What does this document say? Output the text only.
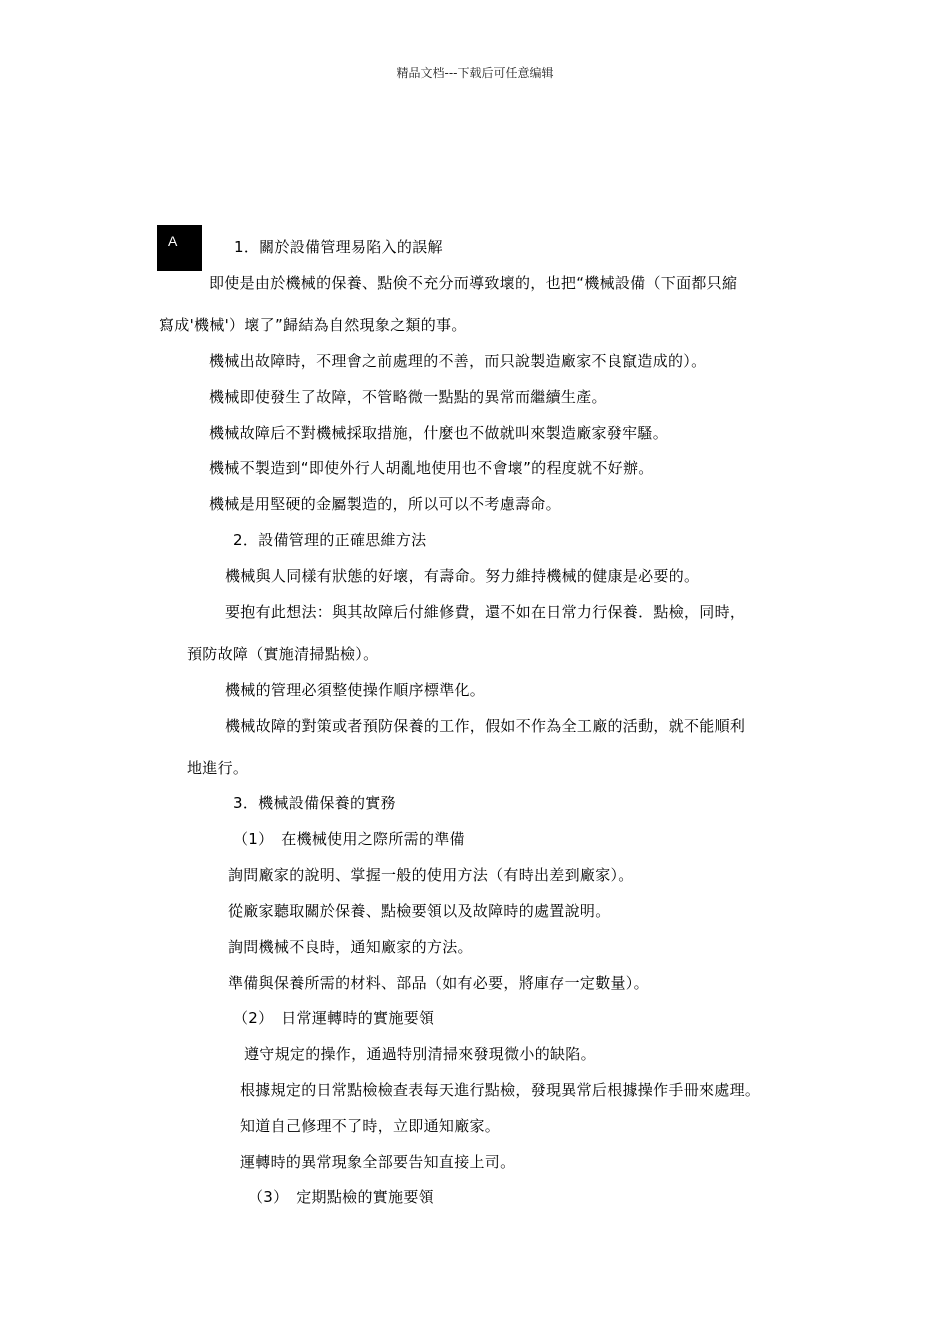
精品文档---下载后可任意编辑
A	1．關於設備管理易陷入的誤解
即使是由於機械的保養、點倹不充分而導致壞的，也把“機械設備（下面都只縮
寫成'機械'）壞了”歸結為自然現象之類的事。
機械出故障時，不理會之前處理的不善，而只說製造廠家不良竄造成的）。
機械即使發生了故障，不管略微一點點的異常而繼續生產。
機械故障后不對機械採取措施，什麼也不做就叫來製造廠家發牢騷。
機械不製造到“即使外行人胡亂地使用也不會壞”的程度就不好辦。
機械是用堅硬的金屬製造的，所以可以不考慮壽命。
2．設備管理的正確思維方法
機械與人同樣有狀態的好壞，有壽命。努力維持機械的健康是必要的。
要抱有此想法：與其故障后付維修費，還不如在日常力行保養．點檢，同時，
預防故障（實施清掃點檢）。
機械的管理必須整使操作順序標準化。
機械故障的對策或者預防保養的工作，假如不作為全工廠的活動，就不能順利
地進行。
3．機械設備保養的實務
（1）　在機械使用之際所需的準備
詢問廠家的說明、掌握一般的使用方法（有時出差到廠家）。
從廠家聽取關於保養、點檢要領以及故障時的處置說明。
詢問機械不良時，通知廠家的方法。
準備與保養所需的材料、部品（如有必要，將庫存一定數量）。
（2）　日常運轉時的實施要領
遵守規定的操作，通過特別清掃來發現微小的缺陷。
根據規定的日常點檢檢查表每天進行點檢，發現異常后根據操作手冊來處理。
知道自己修理不了時，立即通知廠家。
運轉時的異常現象全部要告知直接上司。
（3）　定期點檢的實施要領
